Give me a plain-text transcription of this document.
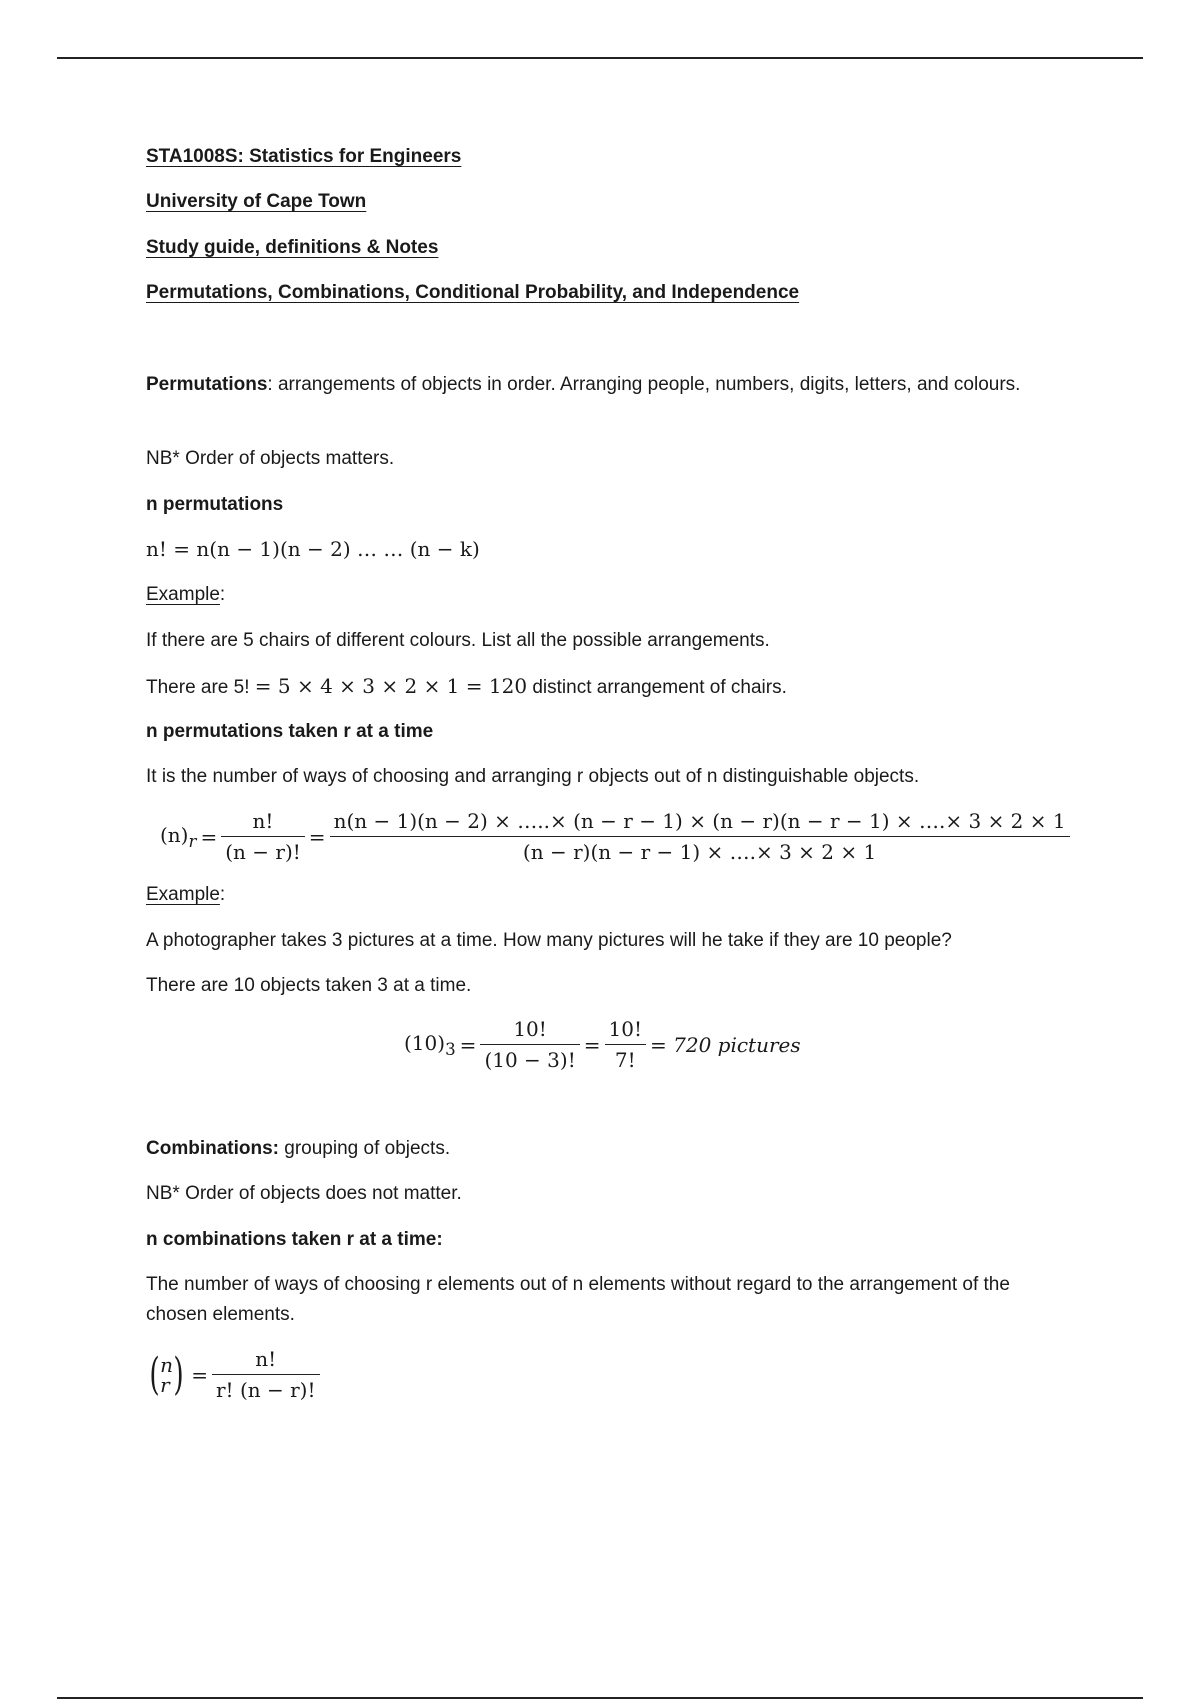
STA1008S: Statistics for Engineers
University of Cape Town
Study guide, definitions & Notes
Permutations, Combinations, Conditional Probability, and Independence
Permutations: arrangements of objects in order. Arranging people, numbers, digits, letters, and colours.
NB* Order of objects matters.
n permutations
n! = n(n − 1)(n − 2) … … (n − k)
Example:
If there are 5 chairs of different colours. List all the possible arrangements.
There are 5! = 5 × 4 × 3 × 2 × 1 = 120 distinct arrangement of chairs.
n permutations taken r at a time
It is the number of ways of choosing and arranging r objects out of n distinguishable objects.
$(n)_r = \frac{n!}{(n - r)!}$ =
n(n − 1)(n − 2) × …..× (n − r − 1) × (n − r)(n − r − 1) × ….× 3 × 2 × 1
(n − r)(n − r − 1) × ….× 3 × 2 × 1
Example:
A photographer takes 3 pictures at a time. How many pictures will he take if they are 10 people?
There are 10 objects taken 3 at a time.
$(10)_3 = \frac{10!}{(10 - 3)!} = \frac{10!}{7!} = 720$ pictures
Combinations: grouping of objects.
NB* Order of objects does not matter.
n combinations taken r at a time:
The number of ways of choosing r elements out of n elements without regard to the arrangement of the chosen elements.
( n
r ) = $\frac{n!}{r! (n - r)!}$
